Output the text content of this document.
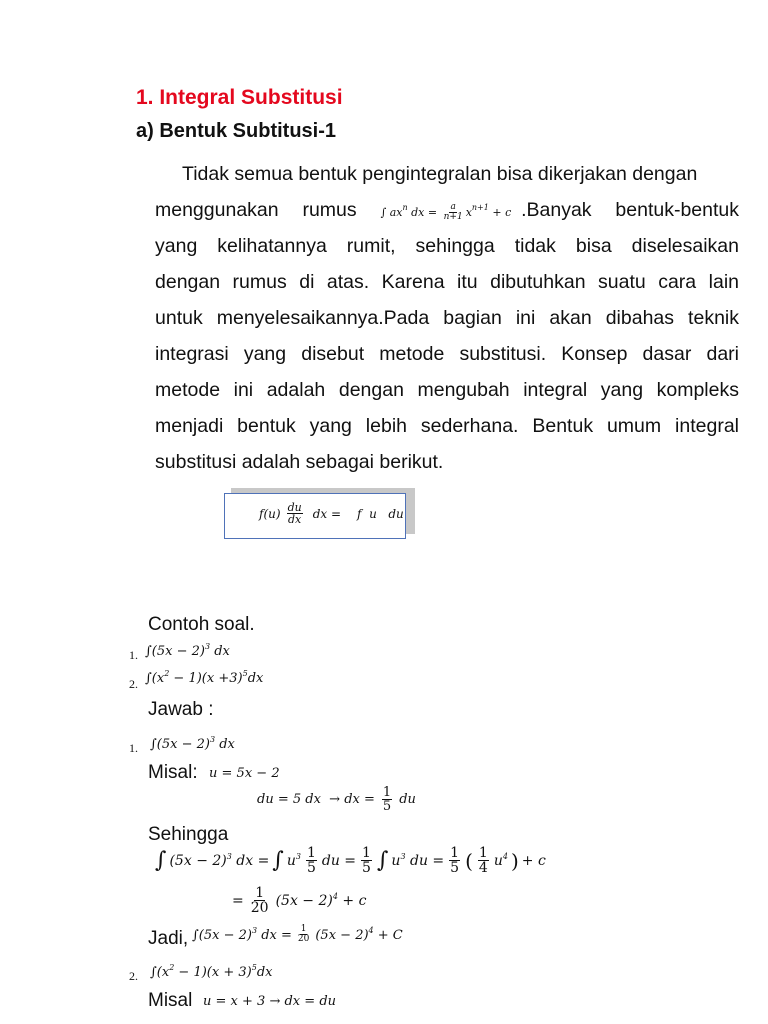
1. Integral Substitusi
a) Bentuk Subtitusi-1
Tidak semua bentuk pengintegralan bisa dikerjakan dengan
menggunakan rumus ∫ $ax^n$ dx = $\frac{a}{n+1} x^{n+1} + c$ .Banyak bentuk-bentuk
yang kelihatannya rumit, sehingga tidak bisa diselesaikan
dengan rumus di atas. Karena itu dibutuhkan suatu cara lain
untuk menyelesaikannya.Pada bagian ini akan dibahas teknik
integrasi yang disebut metode substitusi. Konsep dasar dari
metode ini adalah dengan mengubah integral yang kompleks
menjadi bentuk yang lebih sederhana. Bentuk umum integral
substitusi adalah sebagai berikut.
$f(u) \frac{du}{dx}$ dx = f u du
Contoh soal.
1. $\int(5x - 2)^3$ dx
2. $\int(x^2 - 1)(x +3)^5dx$
Jawab :
1. $\int(5x - 2)^3$ dx
Misal: u = 5x − 2
du = 5 dx  → dx = $\frac{1}{5}$ du
Sehingga
∫ $(5x - 2)^3$ dx = ∫ $u^3 \frac{1}{5}$ du = $\frac{1}{5}$ ∫ $u^3$ du = $\frac{1}{5}$ ( $\frac{1}{4} u^4$ ) + c
= $\frac{1}{20} (5x - 2)^4 + c$
Jadi, $\int(5x - 2)^3$ dx = $\frac{1}{20} (5x - 2)^4 + C$
2. $\int(x^2 - 1)(x + 3)^5dx$
Misal u = x + 3 → dx = du
